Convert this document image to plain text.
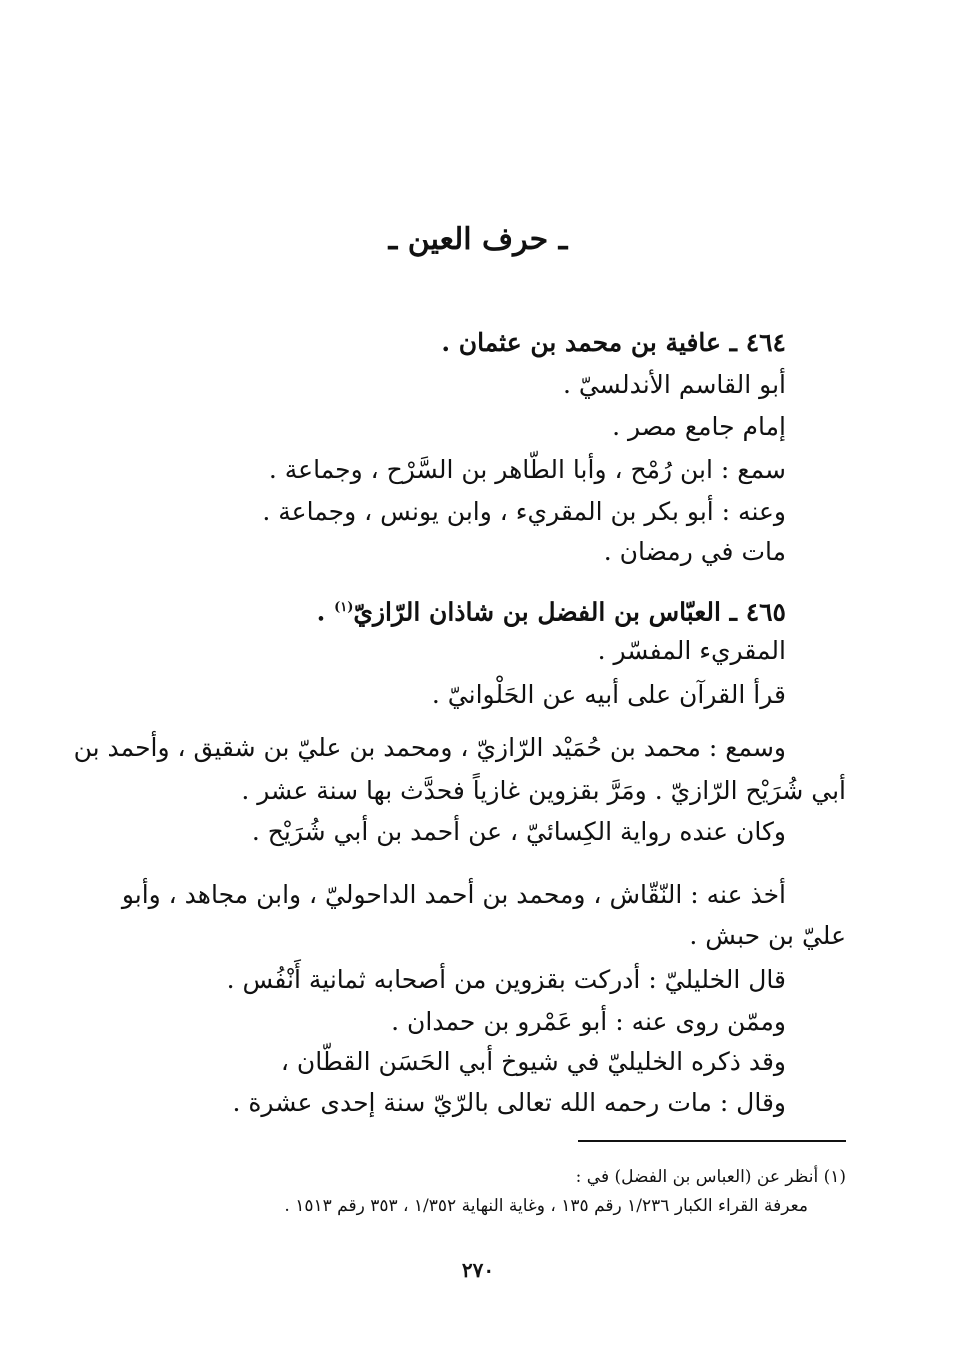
ـ حرف العين ـ
٤٦٤ ـ عافية بن محمد بن عثمان .
أبو القاسم الأندلسيّ .
إمام جامع مصر .
سمع : ابن رُمْح ، وأبا الطّاهر بن السَّرْح ، وجماعة .
وعنه : أبو بكر بن المقريء ، وابن يونس ، وجماعة .
مات في رمضان .
٤٦٥ ـ العبّاس بن الفضل بن شاذان الرّازيّ$^{(١)}$ .
المقريء المفسّر .
قرأ القرآن على أبيه عن الحَلْوانيّ .
وسمع : محمد بن حُمَيْد الرّازيّ ، ومحمد بن عليّ بن شقيق ، وأحمد بن
أبي شُرَيْح الرّازيّ . ومَرَّ بقزوين غازياً فحدَّث بها سنة عشر .
وكان عنده رواية الكِسائيّ ، عن أحمد بن أبي شُرَيْح .
أخذ عنه : النّقّاش ، ومحمد بن أحمد الداحوليّ ، وابن مجاهد ، وأبو
عليّ بن حبش .
قال الخليليّ : أدركت بقزوين من أصحابه ثمانية أَنْفُس .
وممّن روى عنه : أبو عَمْرو بن حمدان .
وقد ذكره الخليليّ في شيوخ أبي الحَسَن القطّان ،
وقال : مات رحمه الله تعالى بالرّيّ سنة إحدى عشرة .
(١) أنظر عن (العباس بن الفضل) في :
معرفة القراء الكبار ١/٢٣٦ رقم ١٣٥ ، وغاية النهاية ١/٣٥٢ ، ٣٥٣ رقم ١٥١٣ .
٢٧٠
